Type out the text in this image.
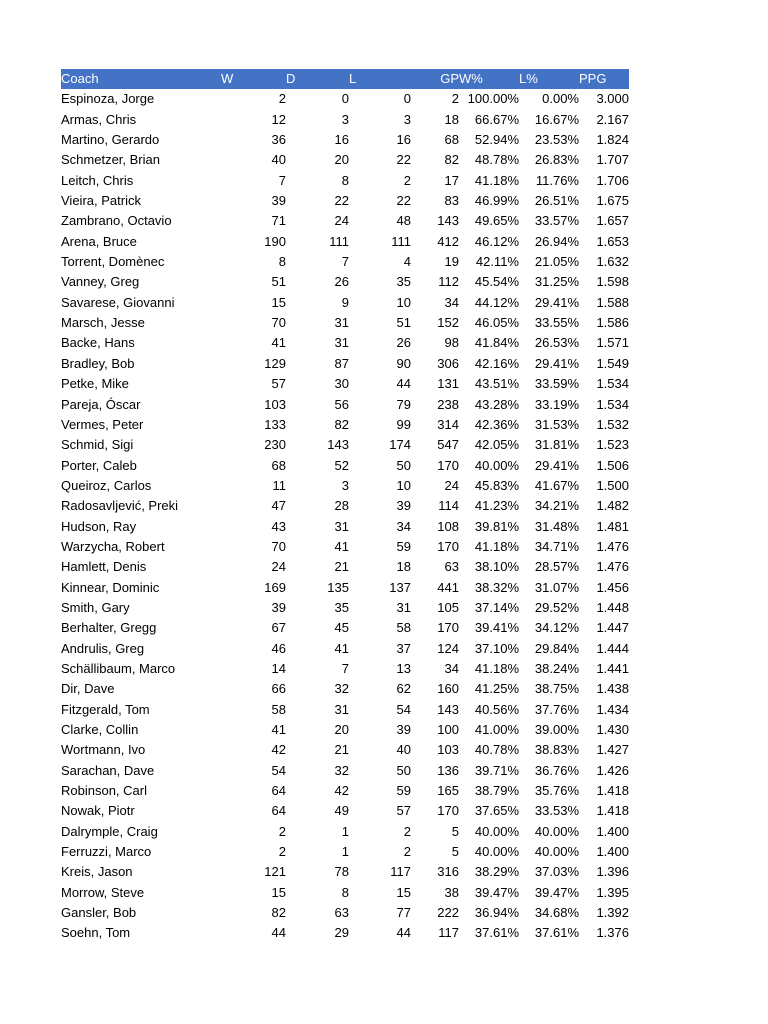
Coach	W	D	L	GP	W%	L%	PPG
Espinoza, Jorge	2	0	0	2	100.00%	0.00%	3.000
Armas, Chris	12	3	3	18	66.67%	16.67%	2.167
Martino, Gerardo	36	16	16	68	52.94%	23.53%	1.824
Schmetzer, Brian	40	20	22	82	48.78%	26.83%	1.707
Leitch, Chris	7	8	2	17	41.18%	11.76%	1.706
Vieira, Patrick	39	22	22	83	46.99%	26.51%	1.675
Zambrano, Octavio	71	24	48	143	49.65%	33.57%	1.657
Arena, Bruce	190	111	111	412	46.12%	26.94%	1.653
Torrent, Domènec	8	7	4	19	42.11%	21.05%	1.632
Vanney, Greg	51	26	35	112	45.54%	31.25%	1.598
Savarese, Giovanni	15	9	10	34	44.12%	29.41%	1.588
Marsch, Jesse	70	31	51	152	46.05%	33.55%	1.586
Backe, Hans	41	31	26	98	41.84%	26.53%	1.571
Bradley, Bob	129	87	90	306	42.16%	29.41%	1.549
Petke, Mike	57	30	44	131	43.51%	33.59%	1.534
Pareja, Óscar	103	56	79	238	43.28%	33.19%	1.534
Vermes, Peter	133	82	99	314	42.36%	31.53%	1.532
Schmid, Sigi	230	143	174	547	42.05%	31.81%	1.523
Porter, Caleb	68	52	50	170	40.00%	29.41%	1.506
Queiroz, Carlos	11	3	10	24	45.83%	41.67%	1.500
Radosavljević, Preki	47	28	39	114	41.23%	34.21%	1.482
Hudson, Ray	43	31	34	108	39.81%	31.48%	1.481
Warzycha, Robert	70	41	59	170	41.18%	34.71%	1.476
Hamlett, Denis	24	21	18	63	38.10%	28.57%	1.476
Kinnear, Dominic	169	135	137	441	38.32%	31.07%	1.456
Smith, Gary	39	35	31	105	37.14%	29.52%	1.448
Berhalter, Gregg	67	45	58	170	39.41%	34.12%	1.447
Andrulis, Greg	46	41	37	124	37.10%	29.84%	1.444
Schällibaum, Marco	14	7	13	34	41.18%	38.24%	1.441
Dir, Dave	66	32	62	160	41.25%	38.75%	1.438
Fitzgerald, Tom	58	31	54	143	40.56%	37.76%	1.434
Clarke, Collin	41	20	39	100	41.00%	39.00%	1.430
Wortmann, Ivo	42	21	40	103	40.78%	38.83%	1.427
Sarachan, Dave	54	32	50	136	39.71%	36.76%	1.426
Robinson, Carl	64	42	59	165	38.79%	35.76%	1.418
Nowak, Piotr	64	49	57	170	37.65%	33.53%	1.418
Dalrymple, Craig	2	1	2	5	40.00%	40.00%	1.400
Ferruzzi, Marco	2	1	2	5	40.00%	40.00%	1.400
Kreis, Jason	121	78	117	316	38.29%	37.03%	1.396
Morrow, Steve	15	8	15	38	39.47%	39.47%	1.395
Gansler, Bob	82	63	77	222	36.94%	34.68%	1.392
Soehn, Tom	44	29	44	117	37.61%	37.61%	1.376
